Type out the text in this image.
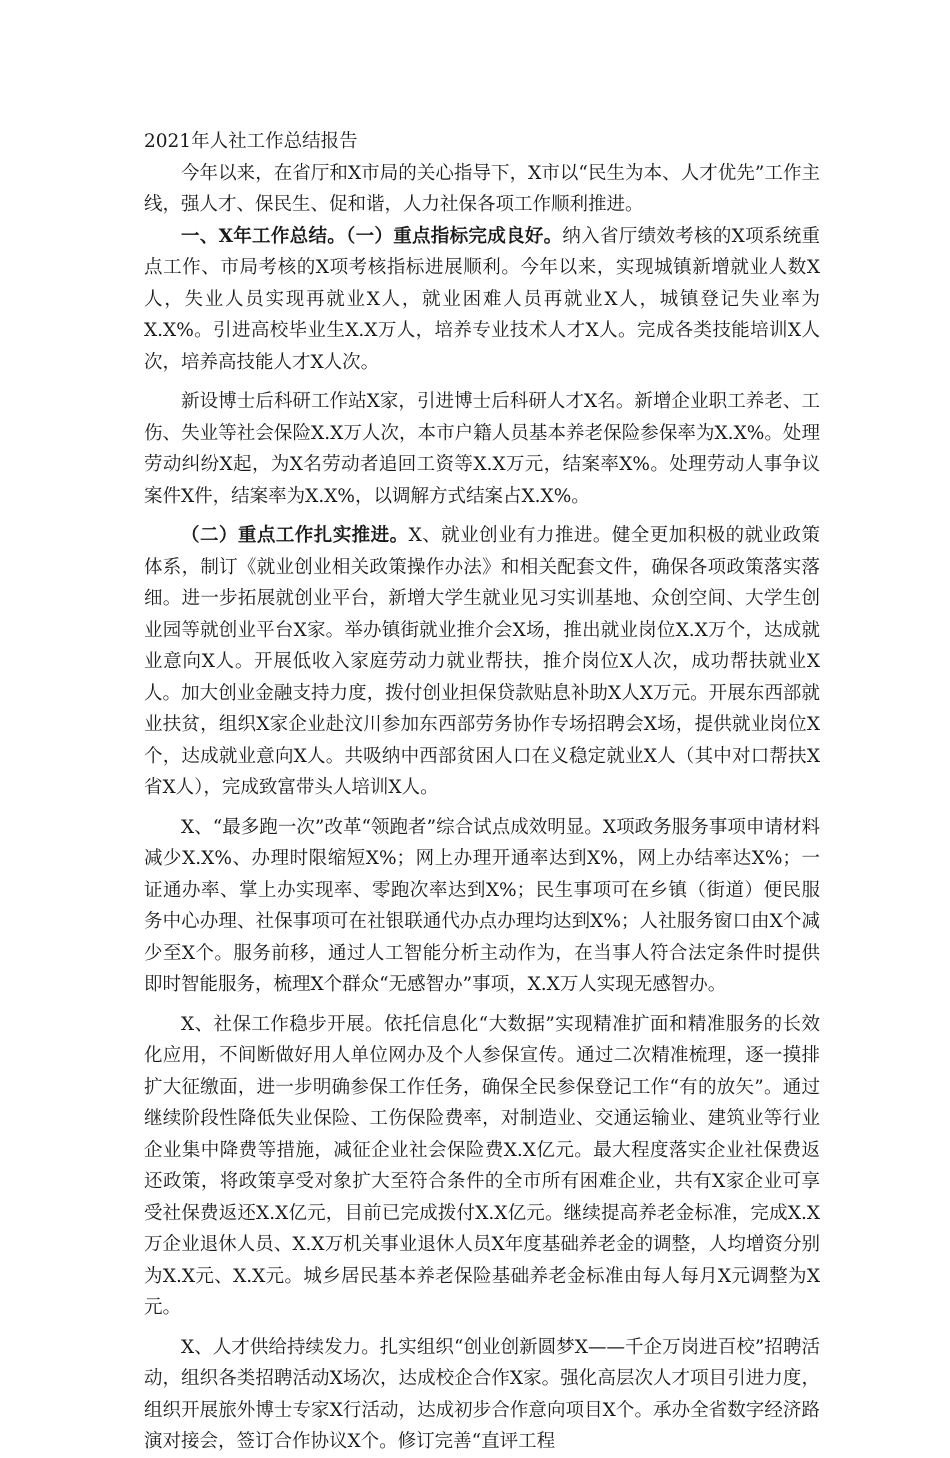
2021年人社工作总结报告

今年以来，在省厅和X市局的关心指导下，X市以“民生为本、人才优先”工作主线，强人才、保民生、促和谐，人力社保各项工作顺利推进。

一、X年工作总结。（一）重点指标完成良好。纳入省厅绩效考核的X项系统重点工作、市局考核的X项考核指标进展顺利。今年以来，实现城镇新增就业人数X人，失业人员实现再就业X人，就业困难人员再就业X人，城镇登记失业率为X.X%。引进高校毕业生X.X万人，培养专业技术人才X人。完成各类技能培训X人次，培养高技能人才X人次。

新设博士后科研工作站X家，引进博士后科研人才X名。新增企业职工养老、工伤、失业等社会保险X.X万人次，本市户籍人员基本养老保险参保率为X.X%。处理劳动纠纷X起，为X名劳动者追回工资等X.X万元，结案率X%。处理劳动人事争议案件X件，结案率为X.X%，以调解方式结案占X.X%。

（二）重点工作扎实推进。X、就业创业有力推进。健全更加积极的就业政策体系，制订《就业创业相关政策操作办法》和相关配套文件，确保各项政策落实落细。进一步拓展就创业平台，新增大学生就业见习实训基地、众创空间、大学生创业园等就创业平台X家。举办镇街就业推介会X场，推出就业岗位X.X万个，达成就业意向X人。开展低收入家庭劳动力就业帮扶，推介岗位X人次，成功帮扶就业X人。加大创业金融支持力度，拨付创业担保贷款贴息补助X人X万元。开展东西部就业扶贫，组织X家企业赴汶川参加东西部劳务协作专场招聘会X场，提供就业岗位X个，达成就业意向X人。共吸纳中西部贫困人口在义稳定就业X人（其中对口帮扶X省X人），完成致富带头人培训X人。

X、“最多跑一次”改革“领跑者”综合试点成效明显。X项政务服务事项申请材料减少X.X%、办理时限缩短X%；网上办理开通率达到X%，网上办结率达X%；一证通办率、掌上办实现率、零跑次率达到X%；民生事项可在乡镇（街道）便民服务中心办理、社保事项可在社银联通代办点办理均达到X%；人社服务窗口由X个减少至X个。服务前移，通过人工智能分析主动作为，在当事人符合法定条件时提供即时智能服务，梳理X个群众“无感智办”事项，X.X万人实现无感智办。

X、社保工作稳步开展。依托信息化“大数据”实现精准扩面和精准服务的长效化应用，不间断做好用人单位网办及个人参保宣传。通过二次精准梳理，逐一摸排扩大征缴面，进一步明确参保工作任务，确保全民参保登记工作“有的放矢”。通过继续阶段性降低失业保险、工伤保险费率，对制造业、交通运输业、建筑业等行业企业集中降费等措施，减征企业社会保险费X.X亿元。最大程度落实企业社保费返还政策，将政策享受对象扩大至符合条件的全市所有困难企业，共有X家企业可享受社保费返还X.X亿元，目前已完成拨付X.X亿元。继续提高养老金标准，完成X.X万企业退休人员、X.X万机关事业退休人员X年度基础养老金的调整，人均增资分别为X.X元、X.X元。城乡居民基本养老保险基础养老金标准由每人每月X元调整为X元。

X、人才供给持续发力。扎实组织“创业创新圆梦X——千企万岗进百校”招聘活动，组织各类招聘活动X场次，达成校企合作X家。强化高层次人才项目引进力度，组织开展旅外博士专家X行活动，达成初步合作意向项目X个。承办全省数字经济路演对接会，签订合作协议X个。修订完善“直评工程
